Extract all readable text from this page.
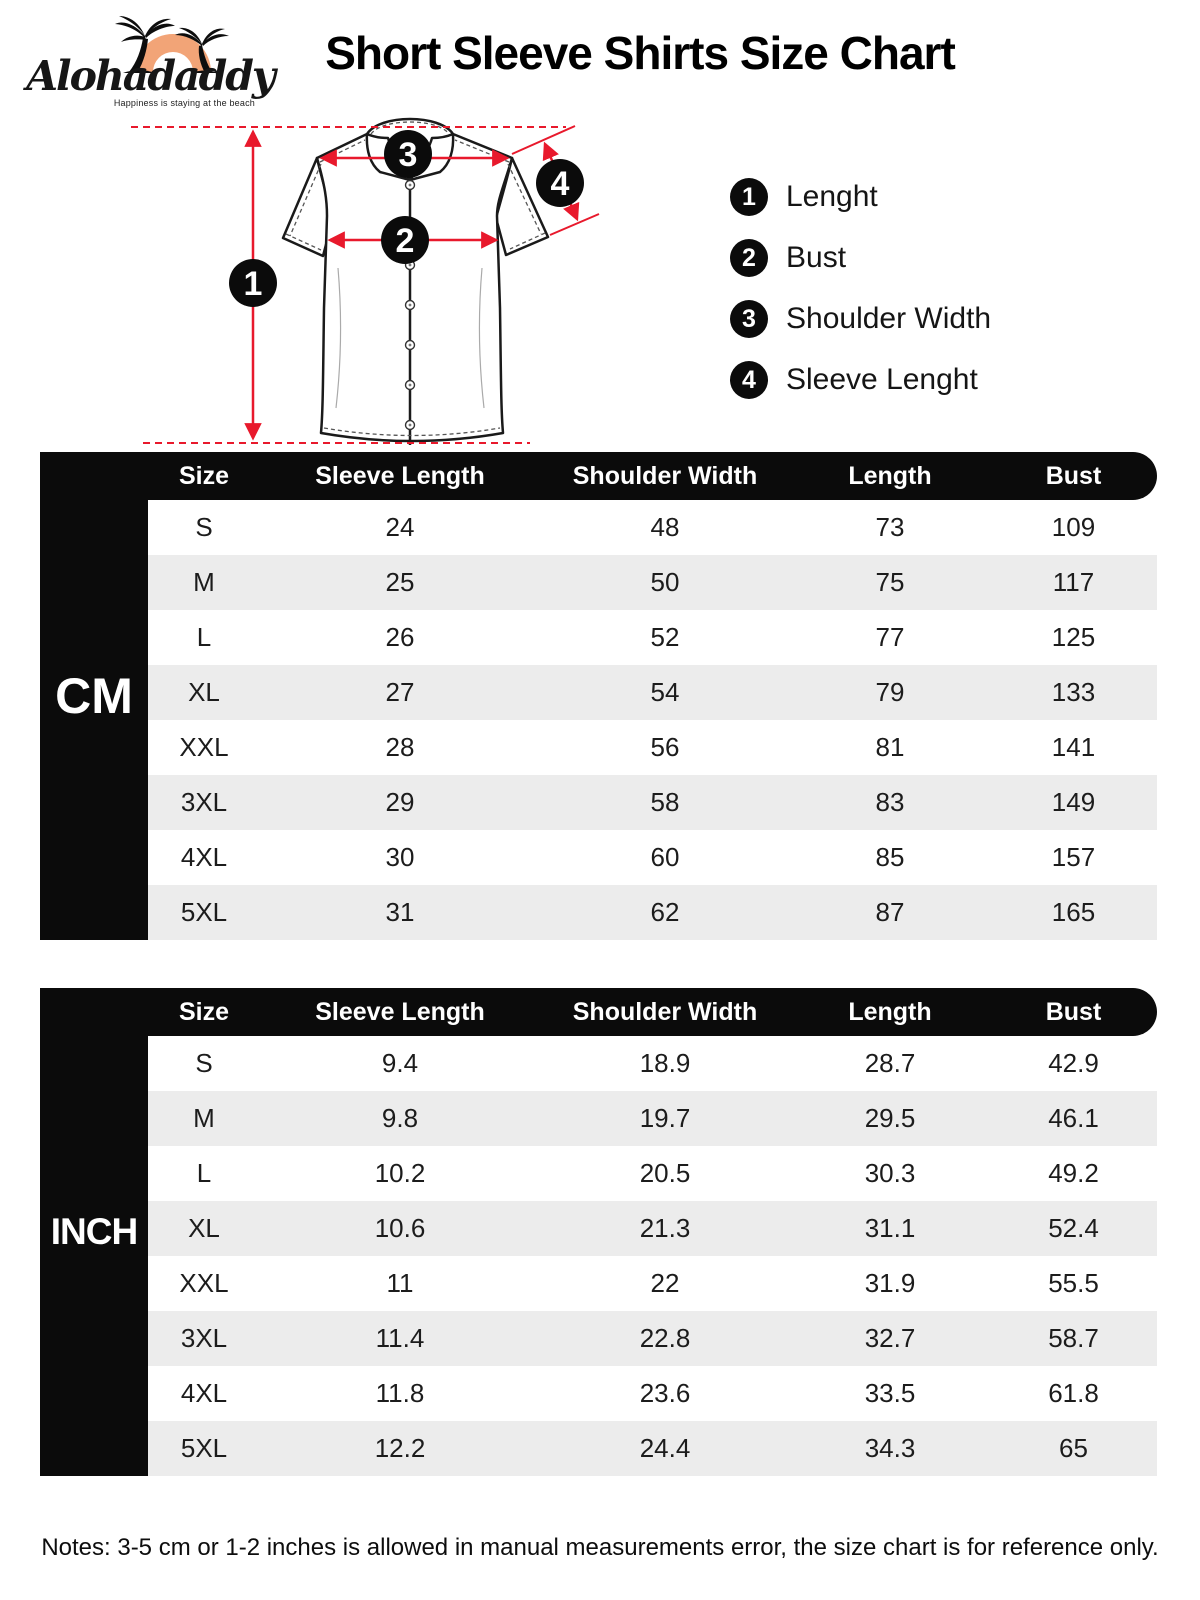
Alohadaddy
Happiness is staying at the beach
Short Sleeve Shirts Size Chart
1
2
3
4	1	Lenght
2	Bust
3	Shoulder Width
4	Sleeve Lenght
Size	Sleeve Length	Shoulder Width	Length	Bust
CM
S	24	48	73	109
M	25	50	75	117
L	26	52	77	125
XL	27	54	79	133
XXL	28	56	81	141
3XL	29	58	83	149
4XL	30	60	85	157
5XL	31	62	87	165
Size	Sleeve Length	Shoulder Width	Length	Bust
INCH
S	9.4	18.9	28.7	42.9
M	9.8	19.7	29.5	46.1
L	10.2	20.5	30.3	49.2
XL	10.6	21.3	31.1	52.4
XXL	11	22	31.9	55.5
3XL	11.4	22.8	32.7	58.7
4XL	11.8	23.6	33.5	61.8
5XL	12.2	24.4	34.3	65
Notes: 3-5 cm or 1-2 inches is allowed in manual measurements error, the size chart is for reference only.
